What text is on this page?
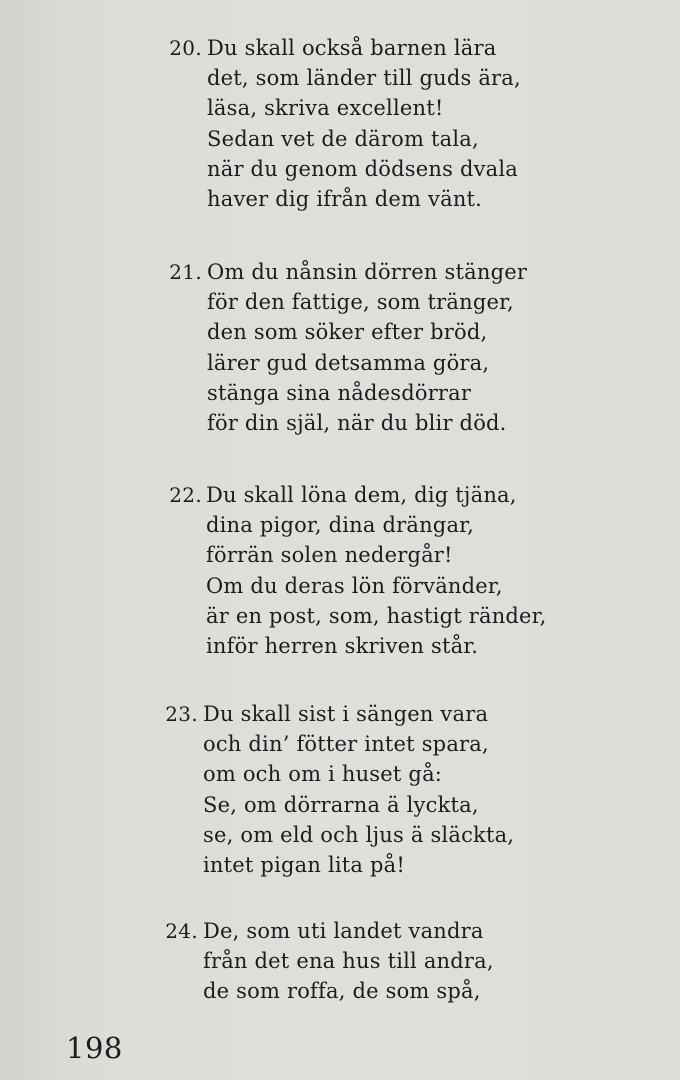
20. Du skall också barnen lära
det, som länder till guds ära,
läsa, skriva excellent!
Sedan vet de därom tala,
när du genom dödsens dvala
haver dig ifrån dem vänt.
21. Om du nånsin dörren stänger
för den fattige, som tränger,
den som söker efter bröd,
lärer gud detsamma göra,
stänga sina nådesdörrar
för din själ, när du blir död.
22. Du skall löna dem, dig tjäna,
dina pigor, dina drängar,
förrän solen nedergår!
Om du deras lön förvänder,
är en post, som, hastigt ränder,
inför herren skriven står.
23. Du skall sist i sängen vara
och din’ fötter intet spara,
om och om i huset gå:
Se, om dörrarna ä lyckta,
se, om eld och ljus ä släckta,
intet pigan lita på!
24. De, som uti landet vandra
från det ena hus till andra,
de som roffa, de som spå,
198
